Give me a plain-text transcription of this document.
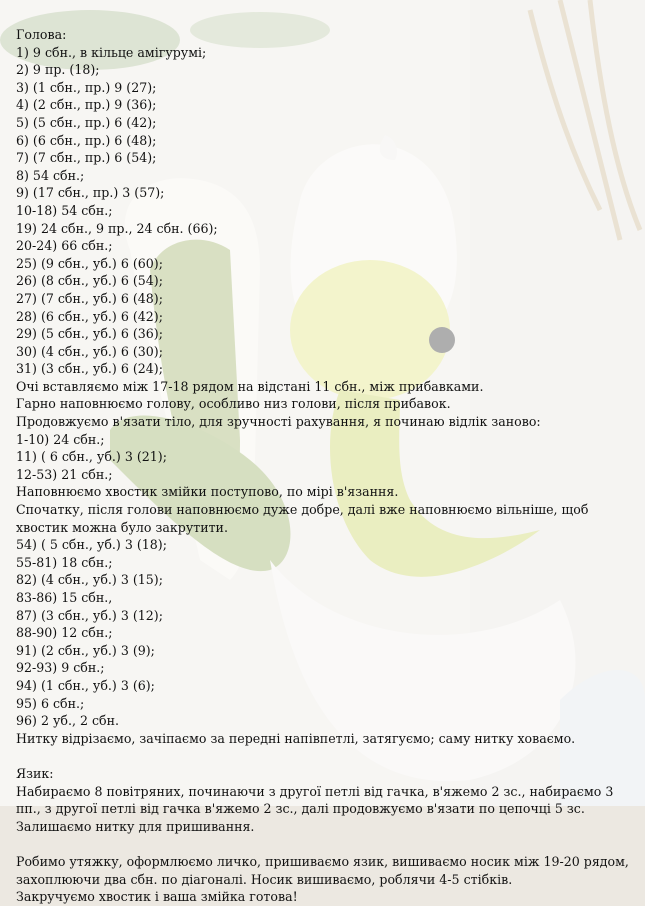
Голова:
1) 9 сбн., в кільце амігурумі;
2) 9 пр. (18);
3) (1 сбн., пр.) 9 (27);
4) (2 сбн., пр.) 9 (36);
5) (5 сбн., пр.) 6 (42);
6) (6 сбн., пр.) 6 (48);
7) (7 сбн., пр.) 6 (54);
8) 54 сбн.;
9) (17 сбн., пр.) 3 (57);
10-18) 54 сбн.;
19) 24 сбн., 9 пр., 24 сбн. (66);
20-24) 66 сбн.;
25) (9 сбн., уб.) 6 (60);
26) (8 сбн., уб.) 6 (54);
27) (7 сбн., уб.) 6 (48);
28) (6 сбн., уб.) 6 (42);
29) (5 сбн., уб.) 6 (36);
30) (4 сбн., уб.) 6 (30);
31) (3 сбн., уб.) 6 (24);
Очі вставляємо між 17-18 рядом на відстані 11 сбн., між прибавками.
Гарно наповнюємо голову, особливо низ голови, після прибавок.
Продовжуємо в'язати тіло, для зручності рахування, я починаю відлік заново:
1-10) 24 сбн.;
11) ( 6 сбн., уб.) 3 (21);
12-53) 21 сбн.;
Наповнюємо хвостик змійки поступово, по мірі в'язання.
Спочатку, після голови наповнюємо дуже добре, далі вже наповнюємо вільніше, щоб хвостик можна було закрутити.
54) ( 5 сбн., уб.) 3 (18);
55-81) 18 сбн.;
82) (4 сбн., уб.) 3 (15);
83-86) 15 сбн.,
87) (3 сбн., уб.) 3 (12);
88-90) 12 сбн.;
91) (2 сбн., уб.) 3 (9);
92-93) 9 сбн.;
94) (1 сбн., уб.) 3 (6);
95) 6 сбн.;
96) 2 уб., 2 сбн.
Нитку відрізаємо, зачіпаємо за передні напівпетлі, затягуємо; саму нитку ховаємо.
Язик:
Набираємо 8 повітряних, починаючи з другої петлі від гачка, в'яжемо 2 зс., набираємо 3 пп., з другої петлі від гачка в'яжемо 2 зс., далі продовжуємо в'язати по цепочці 5 зс.
Залишаємо нитку для пришивання.
Робимо утяжку, оформлюємо личко, пришиваємо язик, вишиваємо носик між 19-20 рядом, захоплюючи два сбн. по діагоналі. Носик вишиваємо, роблячи 4-5 стібків.
Закручуємо хвостик і ваша змійка готова!
